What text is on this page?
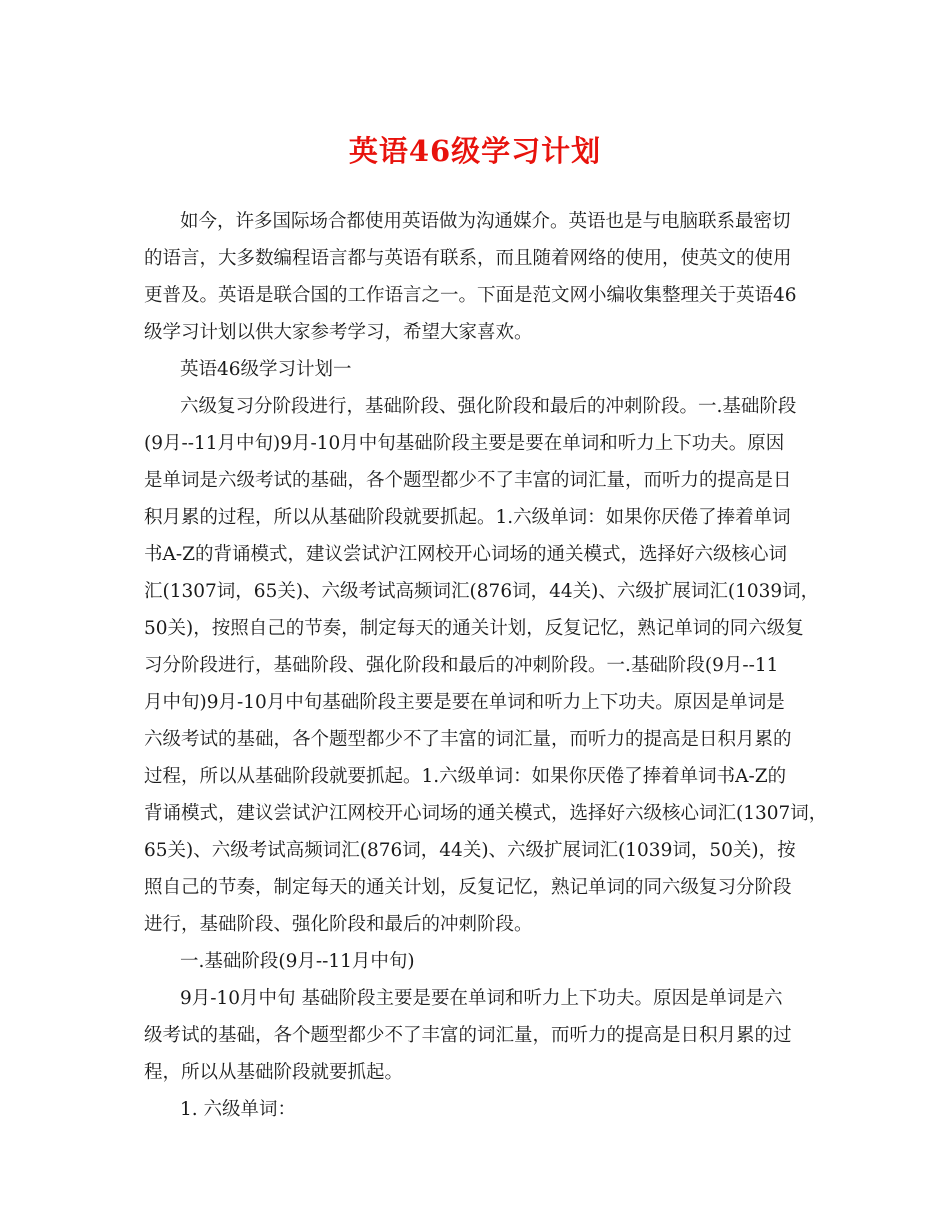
英语46级学习计划
如今，许多国际场合都使用英语做为沟通媒介。英语也是与电脑联系最密切
的语言，大多数编程语言都与英语有联系，而且随着网络的使用，使英文的使用
更普及。英语是联合国的工作语言之一。下面是范文网小编收集整理关于英语46
级学习计划以供大家参考学习，希望大家喜欢。
英语46级学习计划一
六级复习分阶段进行，基础阶段、强化阶段和最后的冲刺阶段。一.基础阶段
(9月--11月中旬)9月-10月中旬基础阶段主要是要在单词和听力上下功夫。原因
是单词是六级考试的基础，各个题型都少不了丰富的词汇量，而听力的提高是日
积月累的过程，所以从基础阶段就要抓起。1.六级单词：如果你厌倦了捧着单词
书A-Z的背诵模式，建议尝试沪江网校开心词场的通关模式，选择好六级核心词
汇(1307词，65关)、六级考试高频词汇(876词，44关)、六级扩展词汇(1039词，
50关)，按照自己的节奏，制定每天的通关计划，反复记忆，熟记单词的同六级复
习分阶段进行，基础阶段、强化阶段和最后的冲刺阶段。一.基础阶段(9月--11
月中旬)9月-10月中旬基础阶段主要是要在单词和听力上下功夫。原因是单词是
六级考试的基础，各个题型都少不了丰富的词汇量，而听力的提高是日积月累的
过程，所以从基础阶段就要抓起。1.六级单词：如果你厌倦了捧着单词书A-Z的
背诵模式，建议尝试沪江网校开心词场的通关模式，选择好六级核心词汇(1307词，
65关)、六级考试高频词汇(876词，44关)、六级扩展词汇(1039词，50关)，按
照自己的节奏，制定每天的通关计划，反复记忆，熟记单词的同六级复习分阶段
进行，基础阶段、强化阶段和最后的冲刺阶段。
一.基础阶段(9月--11月中旬)
9月-10月中旬 基础阶段主要是要在单词和听力上下功夫。原因是单词是六
级考试的基础，各个题型都少不了丰富的词汇量，而听力的提高是日积月累的过
程，所以从基础阶段就要抓起。
1. 六级单词：
